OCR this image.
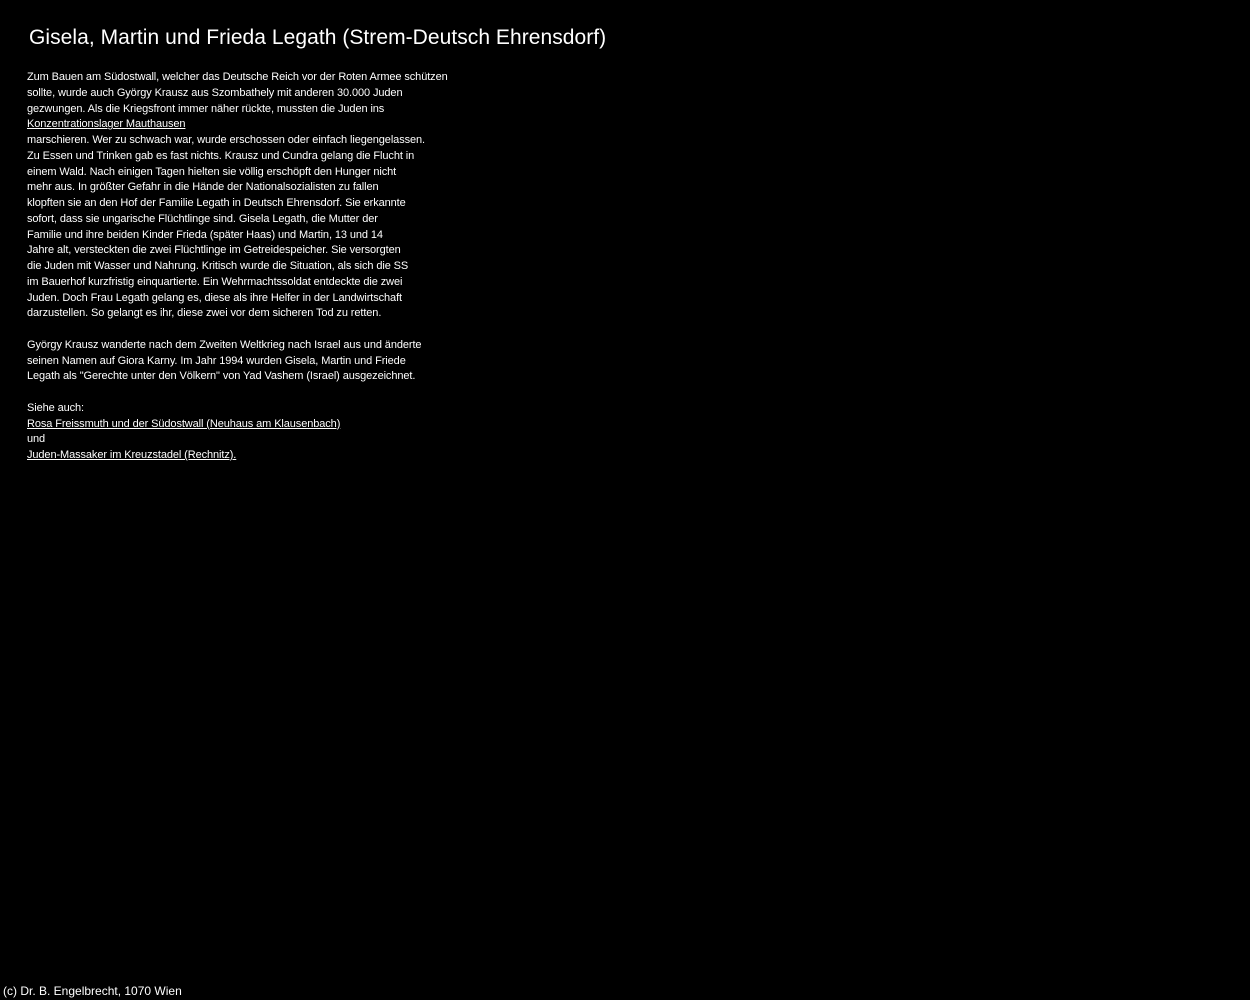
Gisela, Martin und Frieda Legath (Strem-Deutsch Ehrensdorf)
Zum Bauen am Südostwall, welcher das Deutsche Reich vor der Roten Armee schützen
sollte, wurde auch György Krausz aus Szombathely mit anderen 30.000 Juden
gezwungen. Als die Kriegsfront immer näher rückte, mussten die Juden ins
Konzentrationslager Mauthausen
marschieren. Wer zu schwach war, wurde erschossen oder einfach liegengelassen.
Zu Essen und Trinken gab es fast nichts. Krausz und Cundra gelang die Flucht in
einem Wald. Nach einigen Tagen hielten sie völlig erschöpft den Hunger nicht
mehr aus. In größter Gefahr in die Hände der Nationalsozialisten zu fallen
klopften sie an den Hof der Familie Legath in Deutsch Ehrensdorf. Sie erkannte
sofort, dass sie ungarische Flüchtlinge sind. Gisela Legath, die Mutter der
Familie und ihre beiden Kinder Frieda (später Haas) und Martin, 13 und 14
Jahre alt, versteckten die zwei Flüchtlinge im Getreidespeicher. Sie versorgten
die Juden mit Wasser und Nahrung. Kritisch wurde die Situation, als sich die SS
im Bauerhof kurzfristig einquartierte. Ein Wehrmachtssoldat entdeckte die zwei
Juden. Doch Frau Legath gelang es, diese als ihre Helfer in der Landwirtschaft
darzustellen. So gelangt es ihr, diese zwei vor dem sicheren Tod zu retten.
György Krausz wanderte nach dem Zweiten Weltkrieg nach Israel aus und änderte
seinen Namen auf Giora Karny. Im Jahr 1994 wurden Gisela, Martin und Friede
Legath als "Gerechte unter den Völkern" von Yad Vashem (Israel) ausgezeichnet.
Siehe auch:
Rosa Freissmuth und der Südostwall (Neuhaus am Klausenbach)
und
Juden-Massaker im Kreuzstadel (Rechnitz).
(c) Dr. B. Engelbrecht, 1070 Wien
